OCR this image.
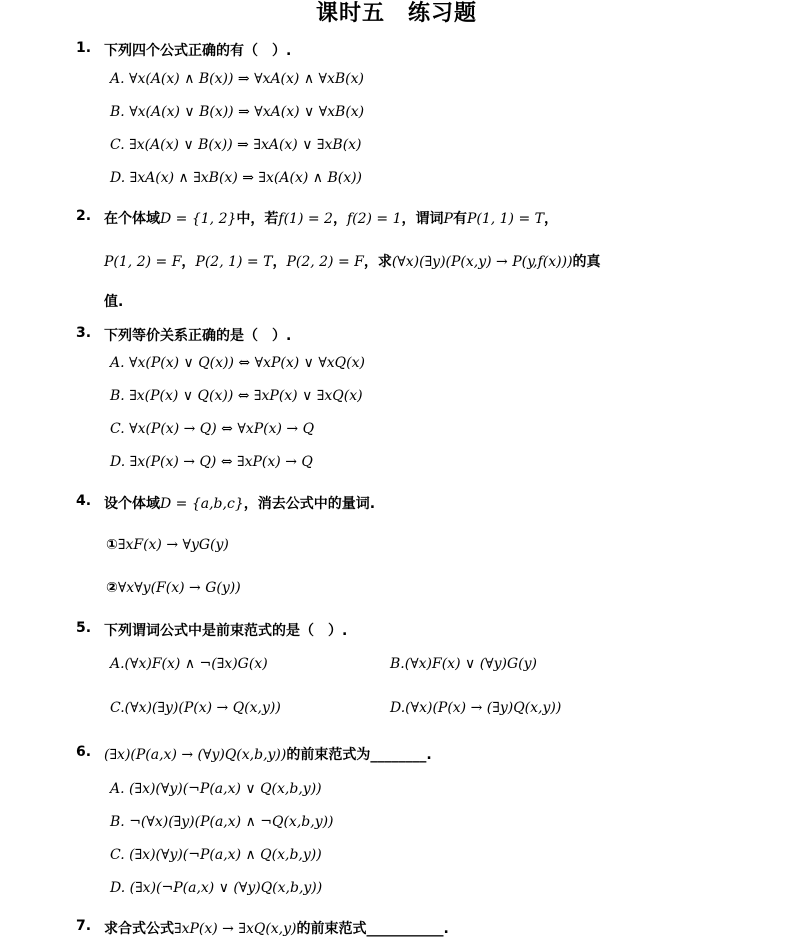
课时五　练习题
1. 下列四个公式正确的有（　）.
A. ∀x(A(x) ∧ B(x)) ⇒ ∀xA(x) ∧ ∀xB(x)
B. ∀x(A(x) ∨ B(x)) ⇒ ∀xA(x) ∨ ∀xB(x)
C. ∃x(A(x) ∨ B(x)) ⇒ ∃xA(x) ∨ ∃xB(x)
D. ∃xA(x) ∧ ∃xB(x) ⇒ ∃x(A(x) ∧ B(x))
2. 在个体域D = {1, 2}中，若f(1) = 2，f(2) = 1，谓词P有P(1, 1) = T，
P(1, 2) = F，P(2, 1) = T，P(2, 2) = F，求(∀x)(∃y)(P(x,y) → P(y,f(x)))的真
值.
3. 下列等价关系正确的是（　）.
A. ∀x(P(x) ∨ Q(x)) ⇔ ∀xP(x) ∨ ∀xQ(x)
B. ∃x(P(x) ∨ Q(x)) ⇔ ∃xP(x) ∨ ∃xQ(x)
C. ∀x(P(x) → Q) ⇔ ∀xP(x) → Q
D. ∃x(P(x) → Q) ⇔ ∃xP(x) → Q
4. 设个体域D = {a,b,c}，消去公式中的量词.
①∃xF(x) → ∀yG(y)
②∀x∀y(F(x) → G(y))
5. 下列谓词公式中是前束范式的是（　）.
A.(∀x)F(x) ∧ ¬(∃x)G(x)	B.(∀x)F(x) ∨ (∀y)G(y)
C.(∀x)(∃y)(P(x) → Q(x,y))	D.(∀x)(P(x) → (∃y)Q(x,y))
6. (∃x)(P(a,x) → (∀y)Q(x,b,y))的前束范式为________.
A. (∃x)(∀y)(¬P(a,x) ∨ Q(x,b,y))
B. ¬(∀x)(∃y)(P(a,x) ∧ ¬Q(x,b,y))
C. (∃x)(∀y)(¬P(a,x) ∧ Q(x,b,y))
D. (∃x)(¬P(a,x) ∨ (∀y)Q(x,b,y))
7. 求合式公式∃xP(x) → ∃xQ(x,y)的前束范式___________.
